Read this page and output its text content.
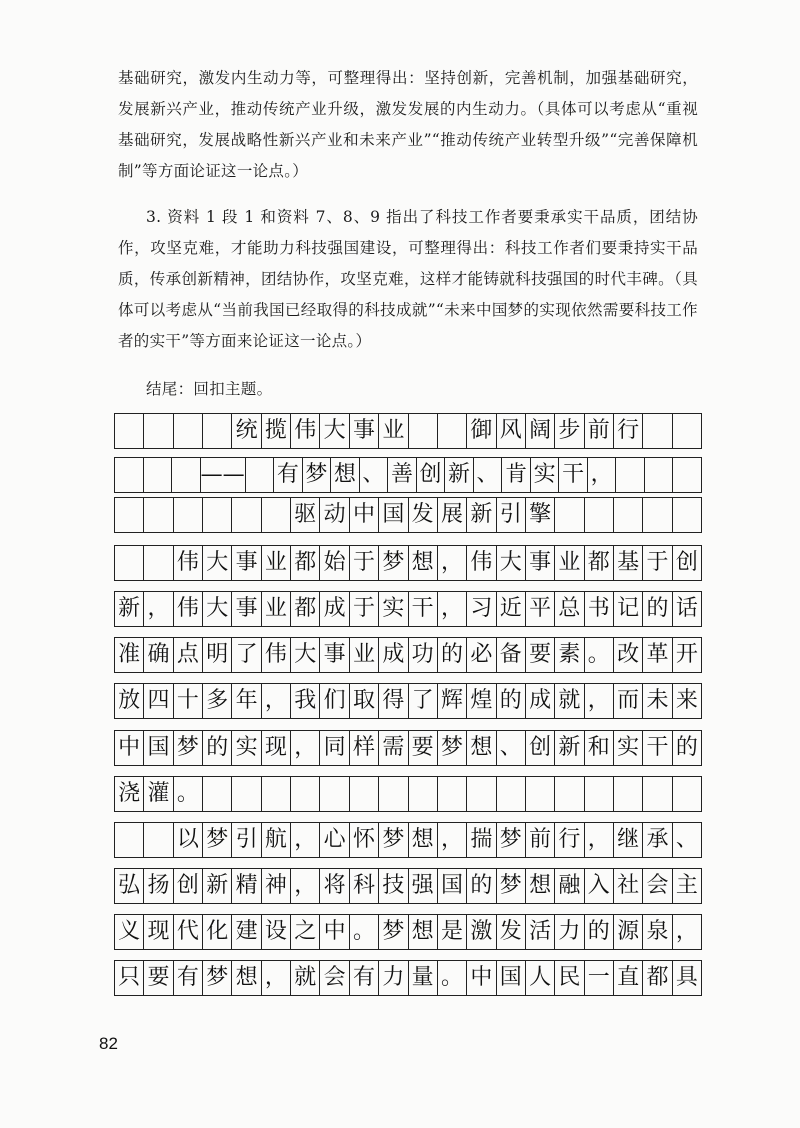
基础研究，激发内生动力等，可整理得出：坚持创新，完善机制，加强基础研究，发展新兴产业，推动传统产业升级，激发发展的内生动力。（具体可以考虑从“重视基础研究，发展战略性新兴产业和未来产业”“推动传统产业转型升级”“完善保障机制”等方面论证这一论点。）

3. 资料 1 段 1 和资料 7、8、9 指出了科技工作者要秉承实干品质，团结协作，攻坚克难，才能助力科技强国建设，可整理得出：科技工作者们要秉持实干品质，传承创新精神，团结协作，攻坚克难，这样才能铸就科技强国的时代丰碑。（具体可以考虑从“当前我国已经取得的科技成就”“未来中国梦的实现依然需要科技工作者的实干”等方面来论证这一论点。）

结尾：回扣主题。

统 揽 伟 大 事 业	御 风 阔 步 前 行
—— 有 梦 想 、 善 创 新 、 肯 实 干 ，
驱 动 中 国 发 展 新 引 擎
伟 大 事 业 都 始 于 梦 想 ， 伟 大 事 业 都 基 于 创
新 ， 伟 大 事 业 都 成 于 实 干 ， 习 近 平 总 书 记 的 话
准 确 点 明 了 伟 大 事 业 成 功 的 必 备 要 素 。 改 革 开
放 四 十 多 年 ， 我 们 取 得 了 辉 煌 的 成 就 ， 而 未 来
中 国 梦 的 实 现 ， 同 样 需 要 梦 想 、 创 新 和 实 干 的
浇 灌 。
以 梦 引 航 ， 心 怀 梦 想 ， 揣 梦 前 行 ， 继 承 、
弘 扬 创 新 精 神 ， 将 科 技 强 国 的 梦 想 融 入 社 会 主
义 现 代 化 建 设 之 中 。 梦 想 是 激 发 活 力 的 源 泉 ，
只 要 有 梦 想 ， 就 会 有 力 量 。 中 国 人 民 一 直 都 具
82
